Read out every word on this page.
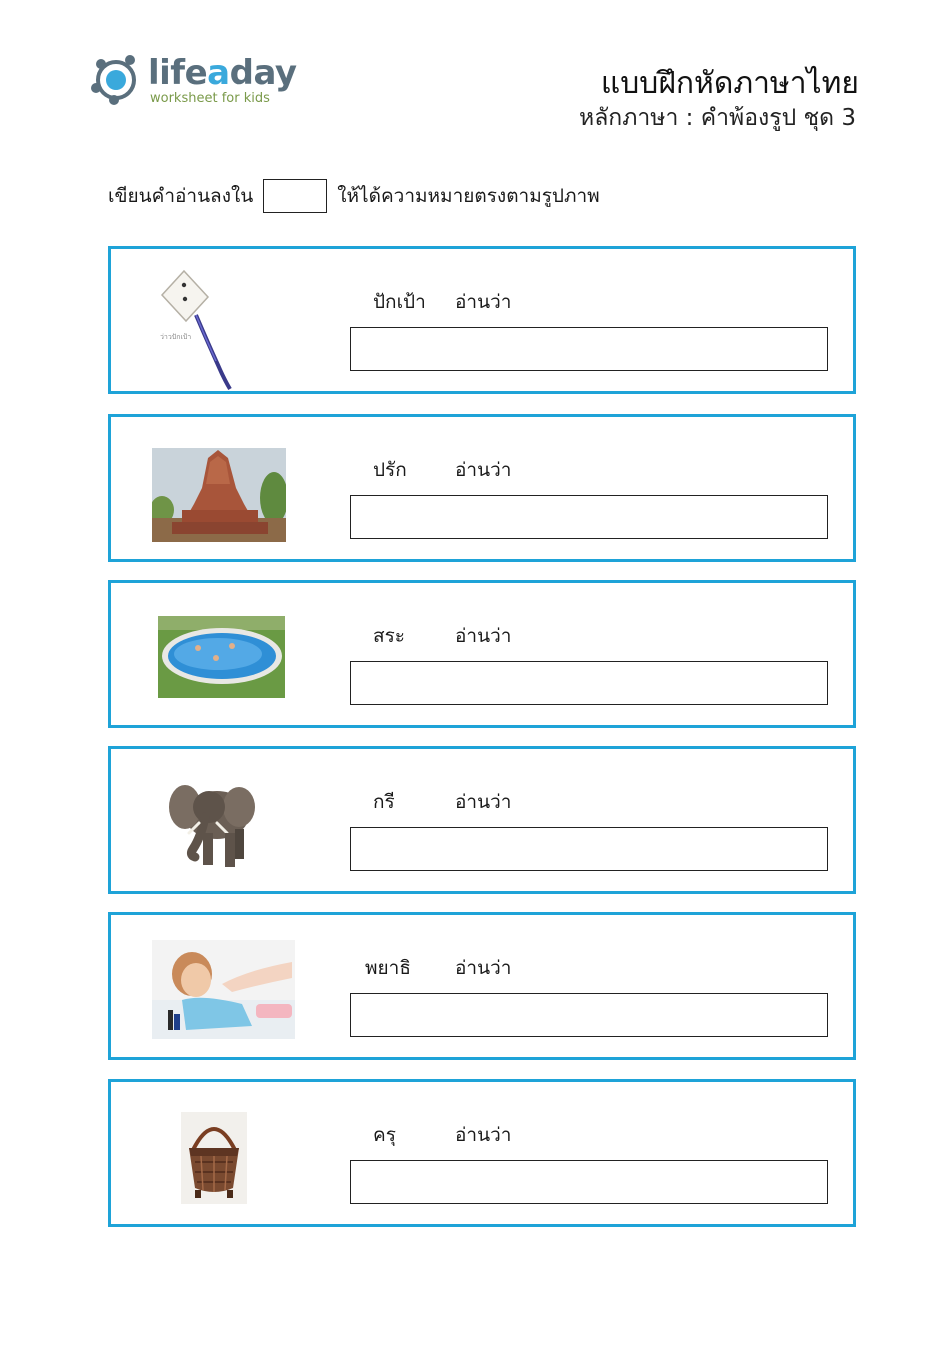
lifeaday
worksheet for kids	แบบฝึกหัดภาษาไทย
หลักภาษา : คำพ้องรูป ชุด 3
เขียนคำอ่านลงใน	ให้ได้ความหมายตรงตามรูปภาพ
ว่าวปักเป้า
ปักเป้า อ่านว่า
ปรัก	อ่านว่า
สระ	อ่านว่า
กรี	อ่านว่า
พยาธิ อ่านว่า
ครุ	อ่านว่า
